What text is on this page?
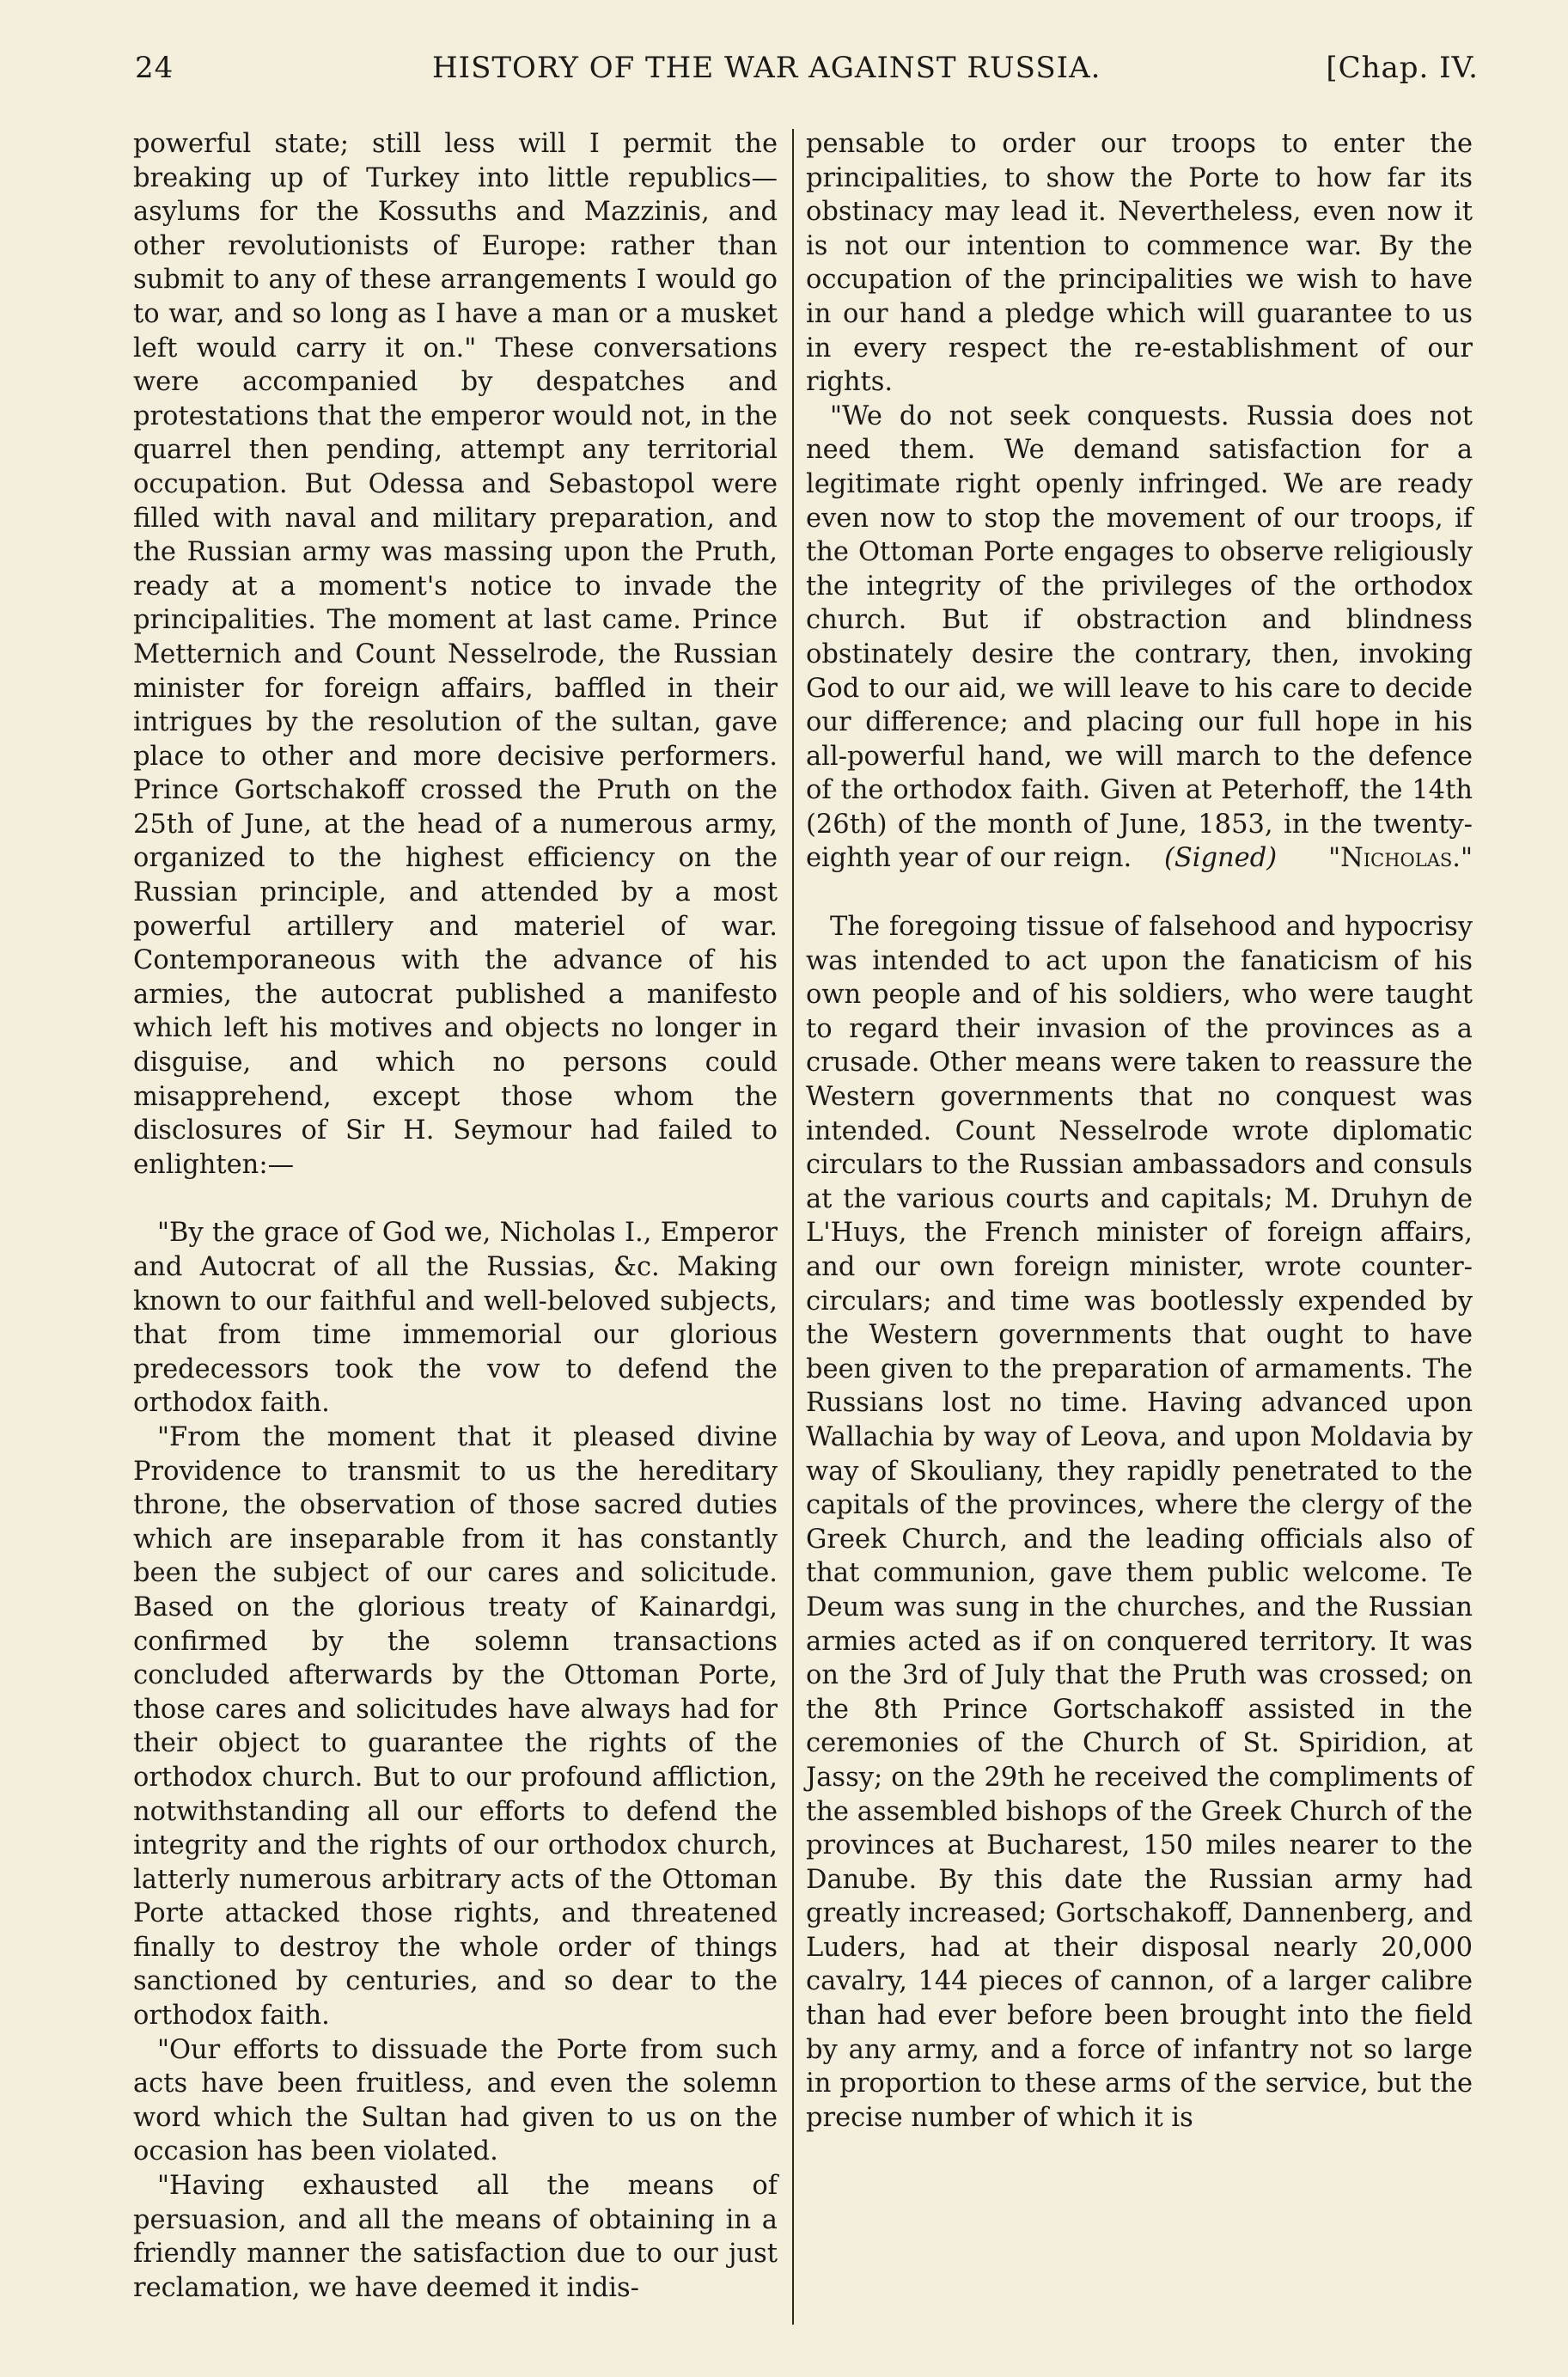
24	HISTORY OF THE WAR AGAINST RUSSIA.	[Chap. IV.

powerful state; still less will I permit the breaking up of Turkey into little republics—asylums for the Kossuths and Mazzinis, and other revolutionists of Europe: rather than submit to any of these arrangements I would go to war, and so long as I have a man or a musket left would carry it on." These conversations were accompanied by despatches and protestations that the emperor would not, in the quarrel then pending, attempt any territorial occupation. But Odessa and Sebastopol were filled with naval and military preparation, and the Russian army was massing upon the Pruth, ready at a moment's notice to invade the principalities. The moment at last came. Prince Metternich and Count Nesselrode, the Russian minister for foreign affairs, baffled in their intrigues by the resolution of the sultan, gave place to other and more decisive performers. Prince Gortschakoff crossed the Pruth on the 25th of June, at the head of a numerous army, organized to the highest efficiency on the Russian principle, and attended by a most powerful artillery and materiel of war. Contemporaneous with the advance of his armies, the autocrat published a manifesto which left his motives and objects no longer in disguise, and which no persons could misapprehend, except those whom the disclosures of Sir H. Seymour had failed to enlighten:—

"By the grace of God we, Nicholas I., Emperor and Autocrat of all the Russias, &c. Making known to our faithful and well-beloved subjects, that from time immemorial our glorious predecessors took the vow to defend the orthodox faith.

"From the moment that it pleased divine Providence to transmit to us the hereditary throne, the observation of those sacred duties which are inseparable from it has constantly been the subject of our cares and solicitude. Based on the glorious treaty of Kainardgi, confirmed by the solemn transactions concluded afterwards by the Ottoman Porte, those cares and solicitudes have always had for their object to guarantee the rights of the orthodox church. But to our profound affliction, notwithstanding all our efforts to defend the integrity and the rights of our orthodox church, latterly numerous arbitrary acts of the Ottoman Porte attacked those rights, and threatened finally to destroy the whole order of things sanctioned by centuries, and so dear to the orthodox faith.

"Our efforts to dissuade the Porte from such acts have been fruitless, and even the solemn word which the Sultan had given to us on the occasion has been violated.

"Having exhausted all the means of persuasion, and all the means of obtaining in a friendly manner the satisfaction due to our just reclamation, we have deemed it indis-

pensable to order our troops to enter the principalities, to show the Porte to how far its obstinacy may lead it. Nevertheless, even now it is not our intention to commence war. By the occupation of the principalities we wish to have in our hand a pledge which will guarantee to us in every respect the re-establishment of our rights.

"We do not seek conquests. Russia does not need them. We demand satisfaction for a legitimate right openly infringed. We are ready even now to stop the movement of our troops, if the Ottoman Porte engages to observe religiously the integrity of the privileges of the orthodox church. But if obstraction and blindness obstinately desire the contrary, then, invoking God to our aid, we will leave to his care to decide our difference; and placing our full hope in his all-powerful hand, we will march to the defence of the orthodox faith. Given at Peterhoff, the 14th (26th) of the month of June, 1853, in the twenty-eighth year of our reign.	(Signed) "Nicholas."

The foregoing tissue of falsehood and hypocrisy was intended to act upon the fanaticism of his own people and of his soldiers, who were taught to regard their invasion of the provinces as a crusade. Other means were taken to reassure the Western governments that no conquest was intended. Count Nesselrode wrote diplomatic circulars to the Russian ambassadors and consuls at the various courts and capitals; M. Druhyn de L'Huys, the French minister of foreign affairs, and our own foreign minister, wrote counter-circulars; and time was bootlessly expended by the Western governments that ought to have been given to the preparation of armaments. The Russians lost no time. Having advanced upon Wallachia by way of Leova, and upon Moldavia by way of Skouliany, they rapidly penetrated to the capitals of the provinces, where the clergy of the Greek Church, and the leading officials also of that communion, gave them public welcome. Te Deum was sung in the churches, and the Russian armies acted as if on conquered territory. It was on the 3rd of July that the Pruth was crossed; on the 8th Prince Gortschakoff assisted in the ceremonies of the Church of St. Spiridion, at Jassy; on the 29th he received the compliments of the assembled bishops of the Greek Church of the provinces at Bucharest, 150 miles nearer to the Danube. By this date the Russian army had greatly increased; Gortschakoff, Dannenberg, and Luders, had at their disposal nearly 20,000 cavalry, 144 pieces of cannon, of a larger calibre than had ever before been brought into the field by any army, and a force of infantry not so large in proportion to these arms of the service, but the precise number of which it is
